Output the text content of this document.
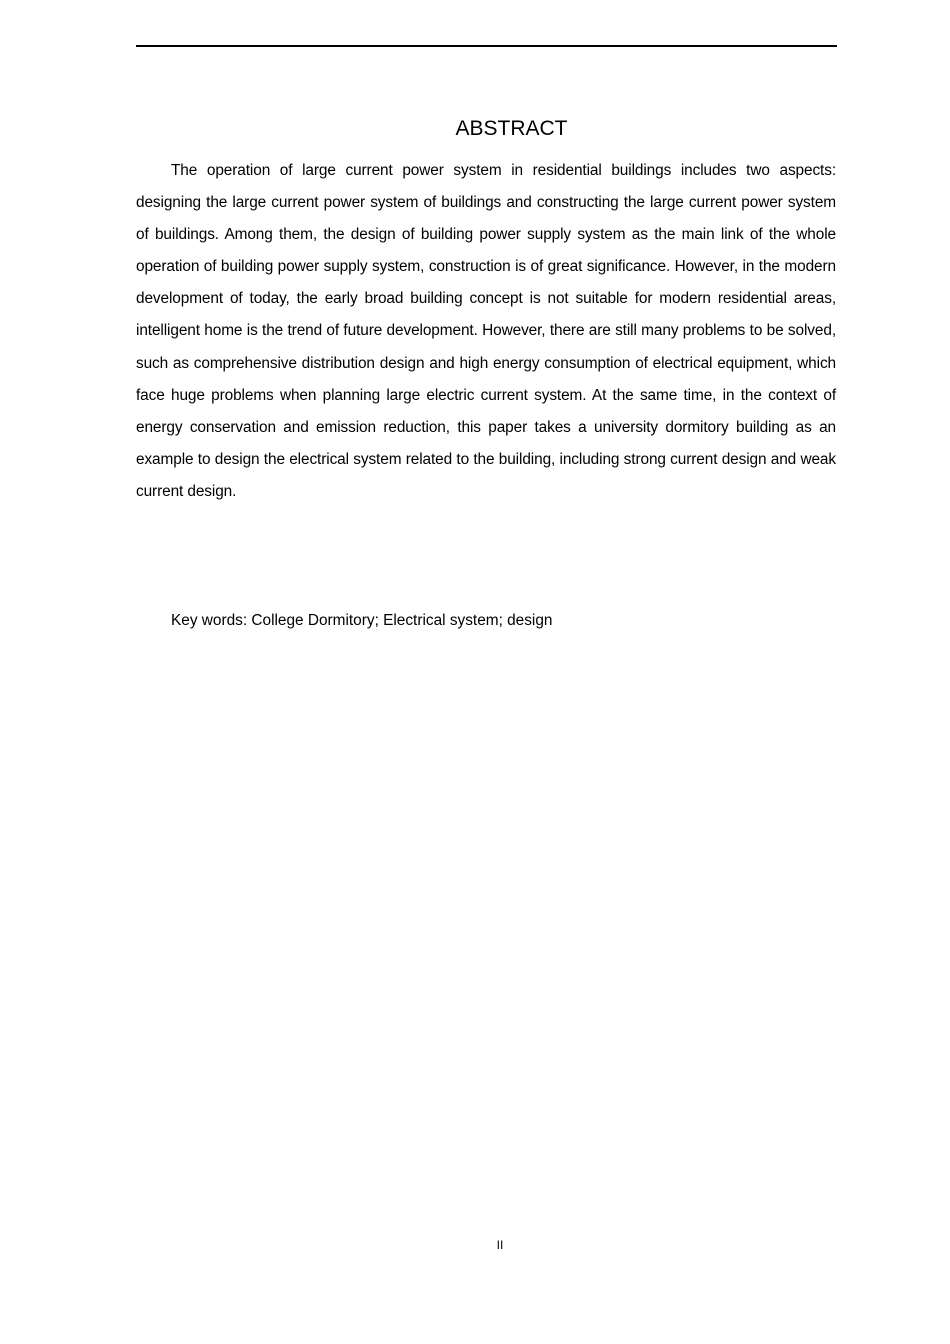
ABSTRACT

The operation of large current power system in residential buildings includes two aspects: designing the large current power system of buildings and constructing the large current power system of buildings. Among them, the design of building power supply system as the main link of the whole operation of building power supply system, construction is of great significance. However, in the modern development of today, the early broad building concept is not suitable for modern residential areas, intelligent home is the trend of future development. However, there are still many problems to be solved, such as comprehensive distribution design and high energy consumption of electrical equipment, which face huge problems when planning large electric current system. At the same time, in the context of energy conservation and emission reduction, this paper takes a university dormitory building as an example to design the electrical system related to the building, including strong current design and weak current design.

Key words: College Dormitory; Electrical system; design

II
